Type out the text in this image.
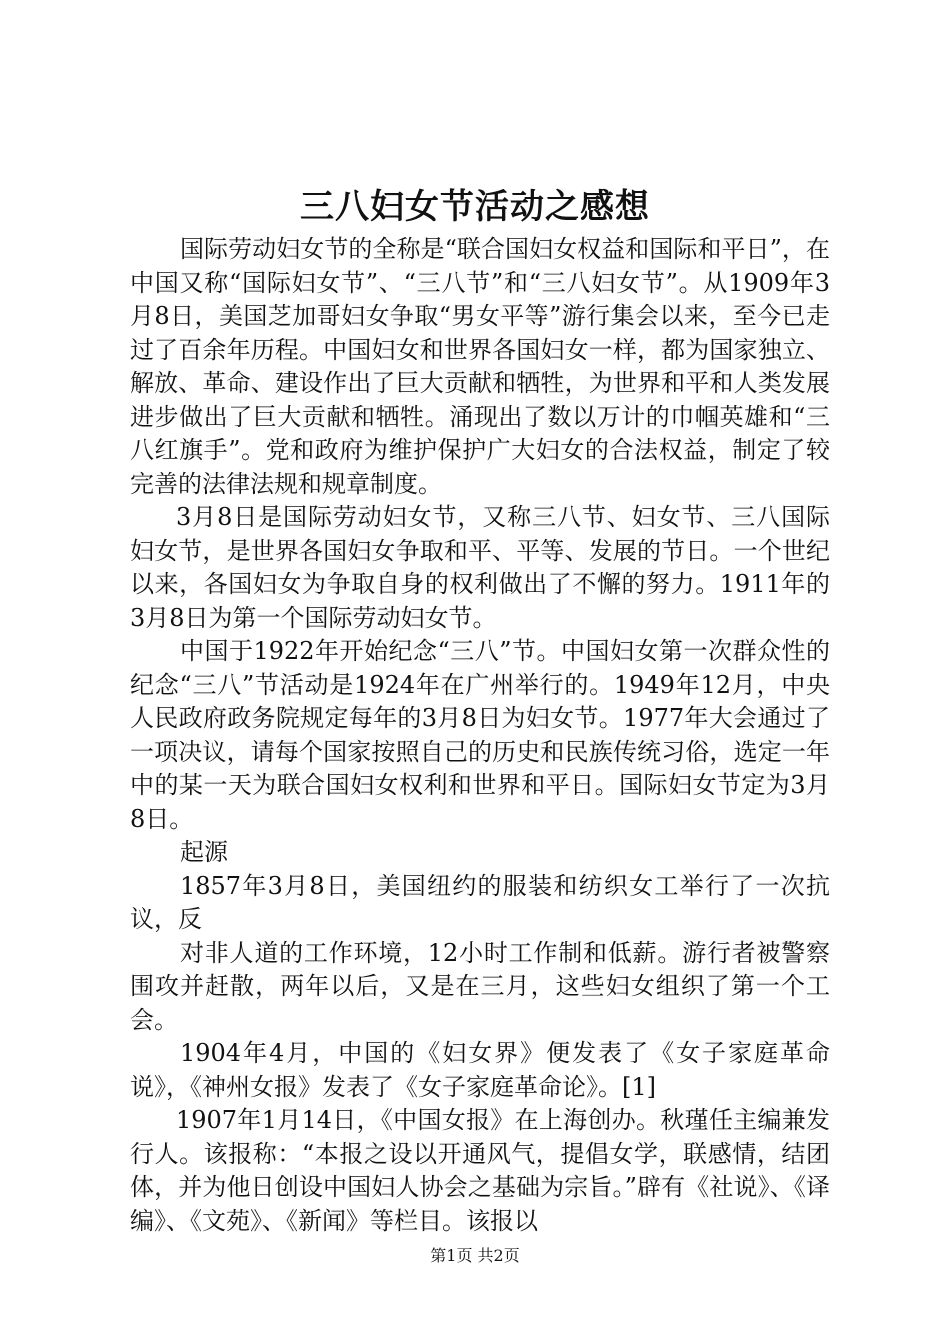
三八妇女节活动之感想

国际劳动妇女节的全称是“联合国妇女权益和国际和平日”，在中国又称“国际妇女节”、“三八节”和“三八妇女节”。从1909年3月8日，美国芝加哥妇女争取“男女平等”游行集会以来，至今已走过了百余年历程。中国妇女和世界各国妇女一样，都为国家独立、解放、革命、建设作出了巨大贡献和牺牲，为世界和平和人类发展进步做出了巨大贡献和牺牲。涌现出了数以万计的巾帼英雄和“三八红旗手”。党和政府为维护保护广大妇女的合法权益，制定了较完善的法律法规和规章制度。

3月8日是国际劳动妇女节，又称三八节、妇女节、三八国际妇女节，是世界各国妇女争取和平、平等、发展的节日。一个世纪以来，各国妇女为争取自身的权利做出了不懈的努力。1911年的3月8日为第一个国际劳动妇女节。

中国于1922年开始纪念“三八”节。中国妇女第一次群众性的纪念“三八”节活动是1924年在广州举行的。1949年12月，中央人民政府政务院规定每年的3月8日为妇女节。1977年大会通过了一项决议，请每个国家按照自己的历史和民族传统习俗，选定一年中的某一天为联合国妇女权利和世界和平日。国际妇女节定为3月8日。

起源

1857年3月8日，美国纽约的服装和纺织女工举行了一次抗议，反

对非人道的工作环境，12小时工作制和低薪。游行者被警察围攻并赶散，两年以后，又是在三月，这些妇女组织了第一个工会。

1904年4月，中国的《妇女界》便发表了《女子家庭革命说》，《神州女报》发表了《女子家庭革命论》。[1]

1907年1月14日，《中国女报》在上海创办。秋瑾任主编兼发行人。该报称：“本报之设以开通风气，提倡女学，联感情，结团体，并为他日创设中国妇人协会之基础为宗旨。”辟有《社说》、《译编》、《文苑》、《新闻》等栏目。该报以

第1页 共2页
